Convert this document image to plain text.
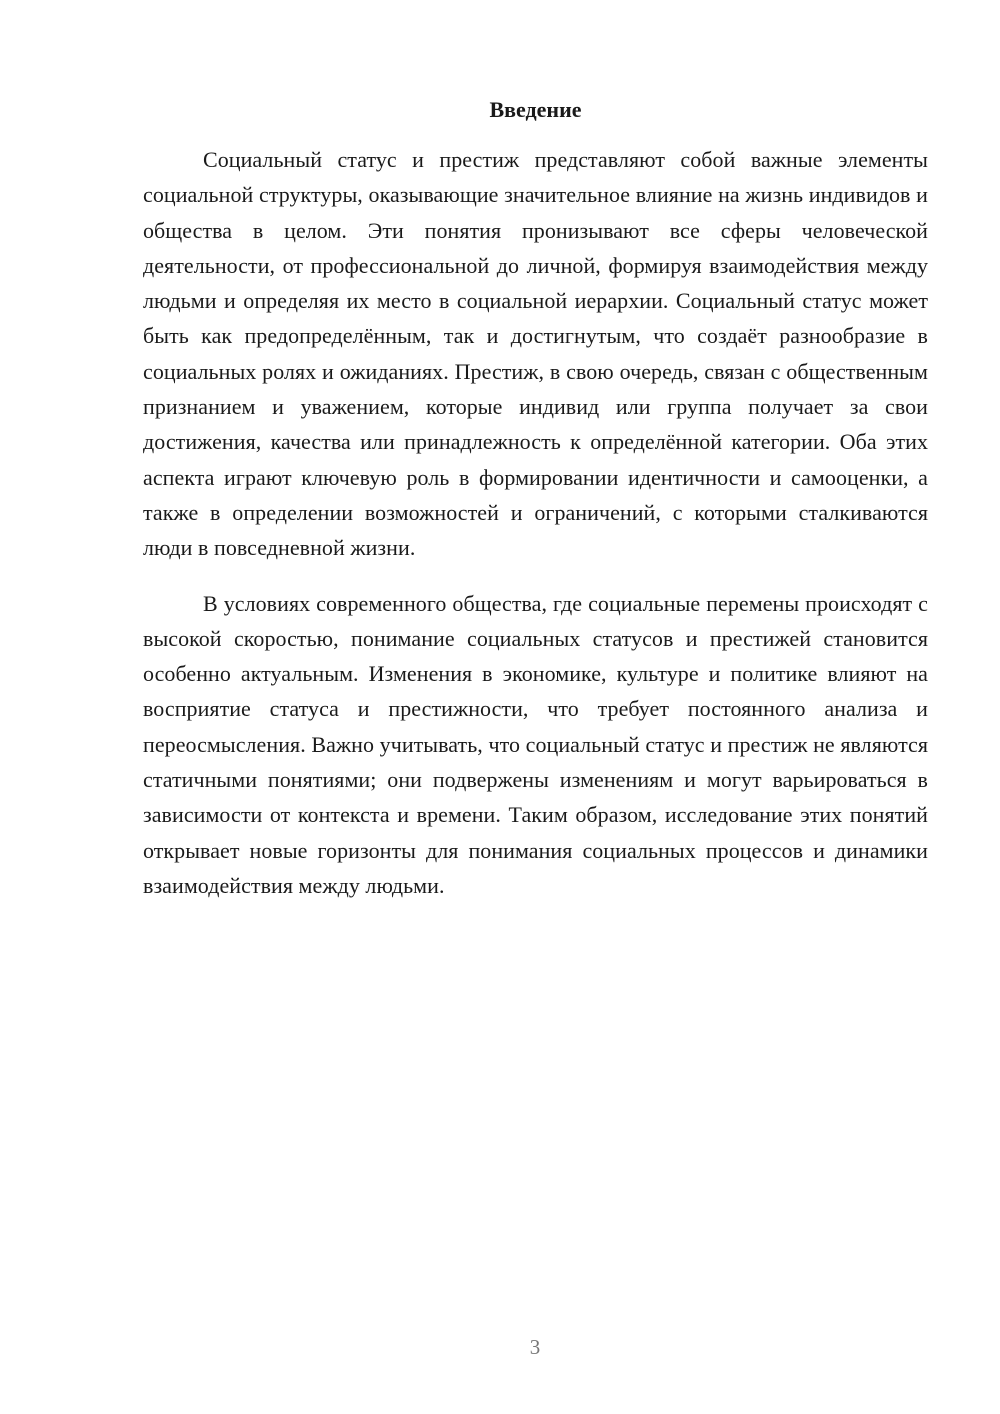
Введение

Социальный статус и престиж представляют собой важные элементы социальной структуры, оказывающие значительное влияние на жизнь индивидов и общества в целом. Эти понятия пронизывают все сферы человеческой деятельности, от профессиональной до личной, формируя взаимодействия между людьми и определяя их место в социальной иерархии. Социальный статус может быть как предопределённым, так и достигнутым, что создаёт разнообразие в социальных ролях и ожиданиях. Престиж, в свою очередь, связан с общественным признанием и уважением, которые индивид или группа получает за свои достижения, качества или принадлежность к определённой категории. Оба этих аспекта играют ключевую роль в формировании идентичности и самооценки, а также в определении возможностей и ограничений, с которыми сталкиваются люди в повседневной жизни.

В условиях современного общества, где социальные перемены происходят с высокой скоростью, понимание социальных статусов и престижей становится особенно актуальным. Изменения в экономике, культуре и политике влияют на восприятие статуса и престижности, что требует постоянного анализа и переосмысления. Важно учитывать, что социальный статус и престиж не являются статичными понятиями; они подвержены изменениям и могут варьироваться в зависимости от контекста и времени. Таким образом, исследование этих понятий открывает новые горизонты для понимания социальных процессов и динамики взаимодействия между людьми.

3
